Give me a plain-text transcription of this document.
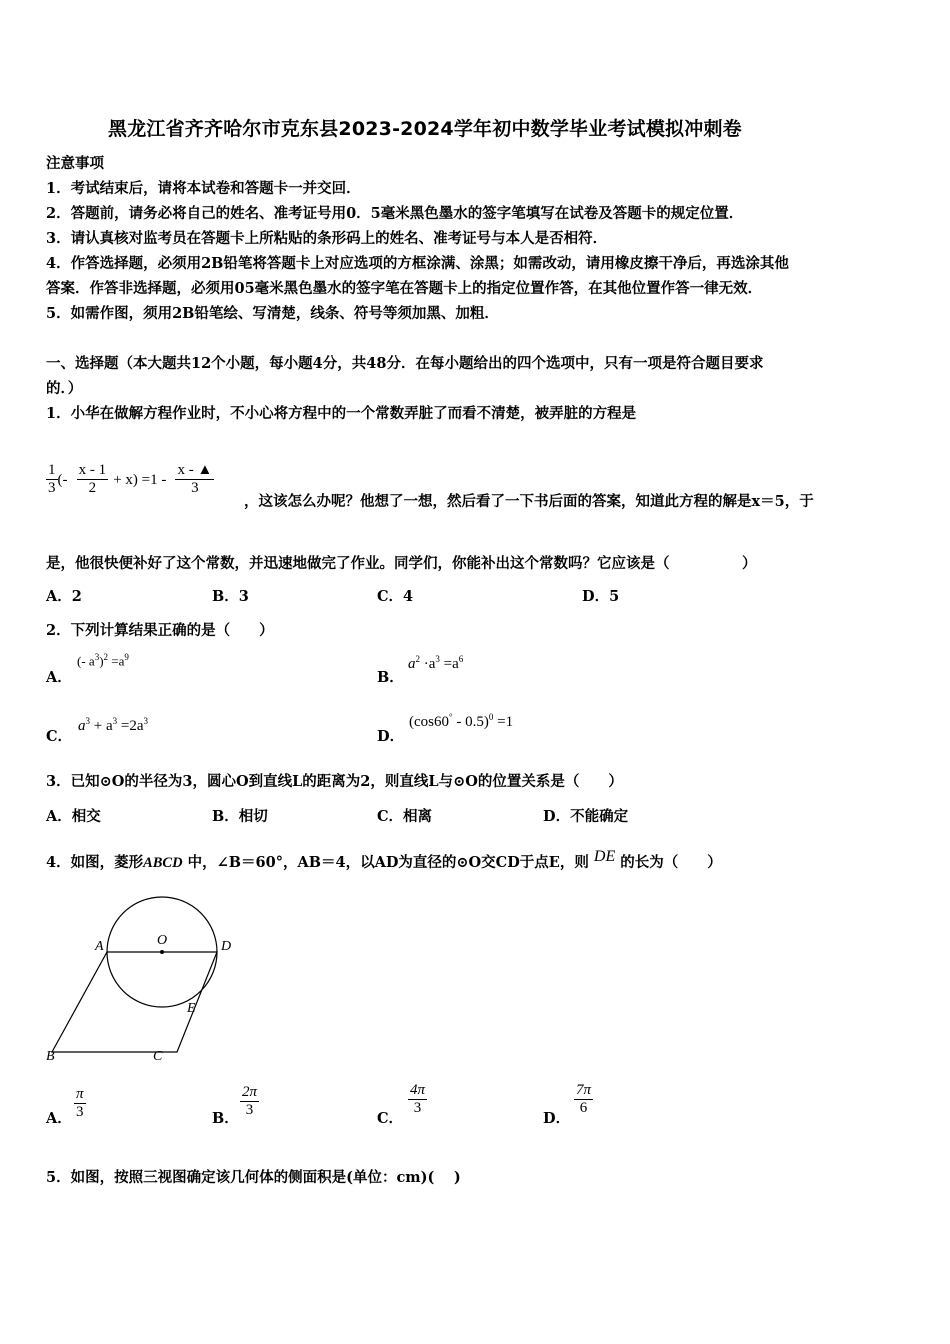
黑龙江省齐齐哈尔市克东县2023-2024学年初中数学毕业考试模拟冲刺卷
注意事项
1．考试结束后，请将本试卷和答题卡一并交回．
2．答题前，请务必将自己的姓名、准考证号用0．5毫米黑色墨水的签字笔填写在试卷及答题卡的规定位置．
3．请认真核对监考员在答题卡上所粘贴的条形码上的姓名、准考证号与本人是否相符．
4．作答选择题，必须用2B铅笔将答题卡上对应选项的方框涂满、涂黑；如需改动，请用橡皮擦干净后，再选涂其他
答案．作答非选择题，必须用05毫米黑色墨水的签字笔在答题卡上的指定位置作答，在其他位置作答一律无效．
5．如需作图，须用2B铅笔绘、写清楚，线条、符号等须加黑、加粗．
一、选择题（本大题共12个小题，每小题4分，共48分．在每小题给出的四个选项中，只有一项是符合题目要求
的．）
1．小华在做解方程作业时，不小心将方程中的一个常数弄脏了而看不清楚，被弄脏的方程是
$\frac{1}{3}$ (- $\frac{x - 1}{2} + x) =1 - \frac{x - ▲}{3}$
，这该怎么办呢？他想了一想，然后看了一下书后面的答案，知道此方程的解是x＝5，于
是，他很快便补好了这个常数，并迅速地做完了作业。同学们，你能补出这个常数吗？它应该是（　　　　　）
A．2	B．3	C．4	D．5
2．下列计算结果正确的是（　　）
A．
(- $a^3)^2 =a^9$
B．
$a^2 \cdot a^3 =a^6$
C．
$a^3 + a^3 =2a^3$
D．
(cos60° - 0.5)$^0$ =1
3．已知⊙O的半径为3，圆心O到直线L的距离为2，则直线L与⊙O的位置关系是（　　）
A．相交	B．相切	C．相离	D．不能确定
4．如图，菱形ABCD 中，∠B＝60°，AB＝4，以AD为直径的⊙O交CD于点E，则 DE 的长为（　　）
A	O	D
E
B	C
A． $\frac{\pi}{3}$	B． $\frac{2\pi}{3}$	C．
$\frac{4\pi}{3}$
D．
$\frac{7\pi}{6}$
5．如图，按照三视图确定该几何体的侧面积是(单位：cm)(　 )
